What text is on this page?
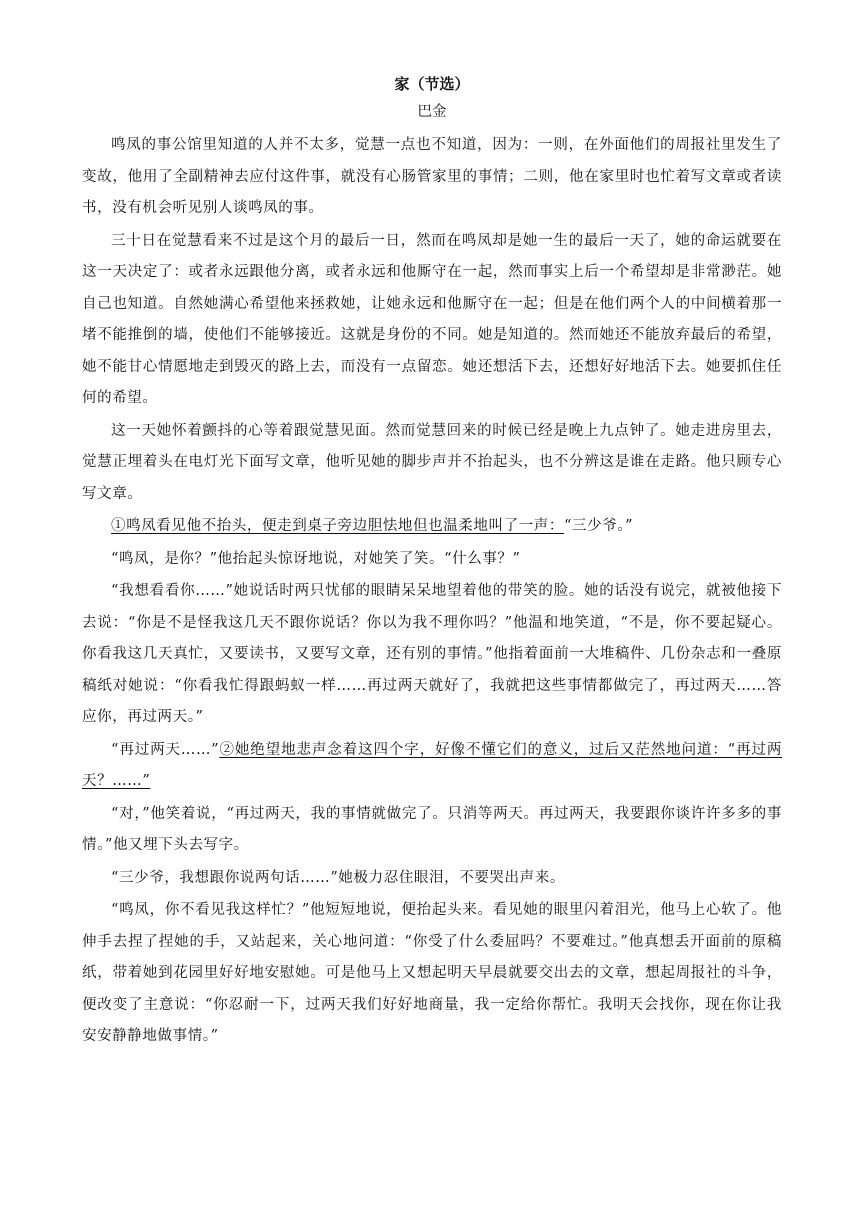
家（节选）
巴金

鸣凤的事公馆里知道的人并不太多，觉慧一点也不知道，因为：一则，在外面他们的周报社里发生了变故，他用了全副精神去应付这件事，就没有心肠管家里的事情；二则，他在家里时也忙着写文章或者读书，没有机会听见别人谈鸣凤的事。

三十日在觉慧看来不过是这个月的最后一日，然而在鸣凤却是她一生的最后一天了，她的命运就要在这一天决定了：或者永远跟他分离，或者永远和他厮守在一起，然而事实上后一个希望却是非常渺茫。她自己也知道。自然她满心希望他来拯救她，让她永远和他厮守在一起；但是在他们两个人的中间横着那一堵不能推倒的墙，使他们不能够接近。这就是身份的不同。她是知道的。然而她还不能放弃最后的希望，她不能甘心情愿地走到毁灭的路上去，而没有一点留恋。她还想活下去，还想好好地活下去。她要抓住任何的希望。

这一天她怀着颤抖的心等着跟觉慧见面。然而觉慧回来的时候已经是晚上九点钟了。她走进房里去，觉慧正埋着头在电灯光下面写文章，他听见她的脚步声并不抬起头，也不分辨这是谁在走路。他只顾专心写文章。

①鸣凤看见他不抬头，便走到桌子旁边胆怯地但也温柔地叫了一声：“三少爷。”

“鸣凤，是你？”他抬起头惊讶地说，对她笑了笑。“什么事？”

“我想看看你……”她说话时两只忧郁的眼睛呆呆地望着他的带笑的脸。她的话没有说完，就被他接下去说：“你是不是怪我这几天不跟你说话？你以为我不理你吗？”他温和地笑道，“不是，你不要起疑心。你看我这几天真忙，又要读书，又要写文章，还有别的事情。”他指着面前一大堆稿件、几份杂志和一叠原稿纸对她说：“你看我忙得跟蚂蚁一样……再过两天就好了，我就把这些事情都做完了，再过两天……答应你，再过两天。”

“再过两天……”②她绝望地悲声念着这四个字，好像不懂它们的意义，过后又茫然地问道：“再过两天？……”

“对，”他笑着说，“再过两天，我的事情就做完了。只消等两天。再过两天，我要跟你谈许许多多的事情。”他又埋下头去写字。

“三少爷，我想跟你说两句话……”她极力忍住眼泪，不要哭出声来。

“鸣凤，你不看见我这样忙？”他短短地说，便抬起头来。看见她的眼里闪着泪光，他马上心软了。他伸手去捏了捏她的手，又站起来，关心地问道：“你受了什么委屈吗？不要难过。”他真想丢开面前的原稿纸，带着她到花园里好好地安慰她。可是他马上又想起明天早晨就要交出去的文章，想起周报社的斗争，便改变了主意说：“你忍耐一下，过两天我们好好地商量，我一定给你帮忙。我明天会找你，现在你让我安安静静地做事情。”
